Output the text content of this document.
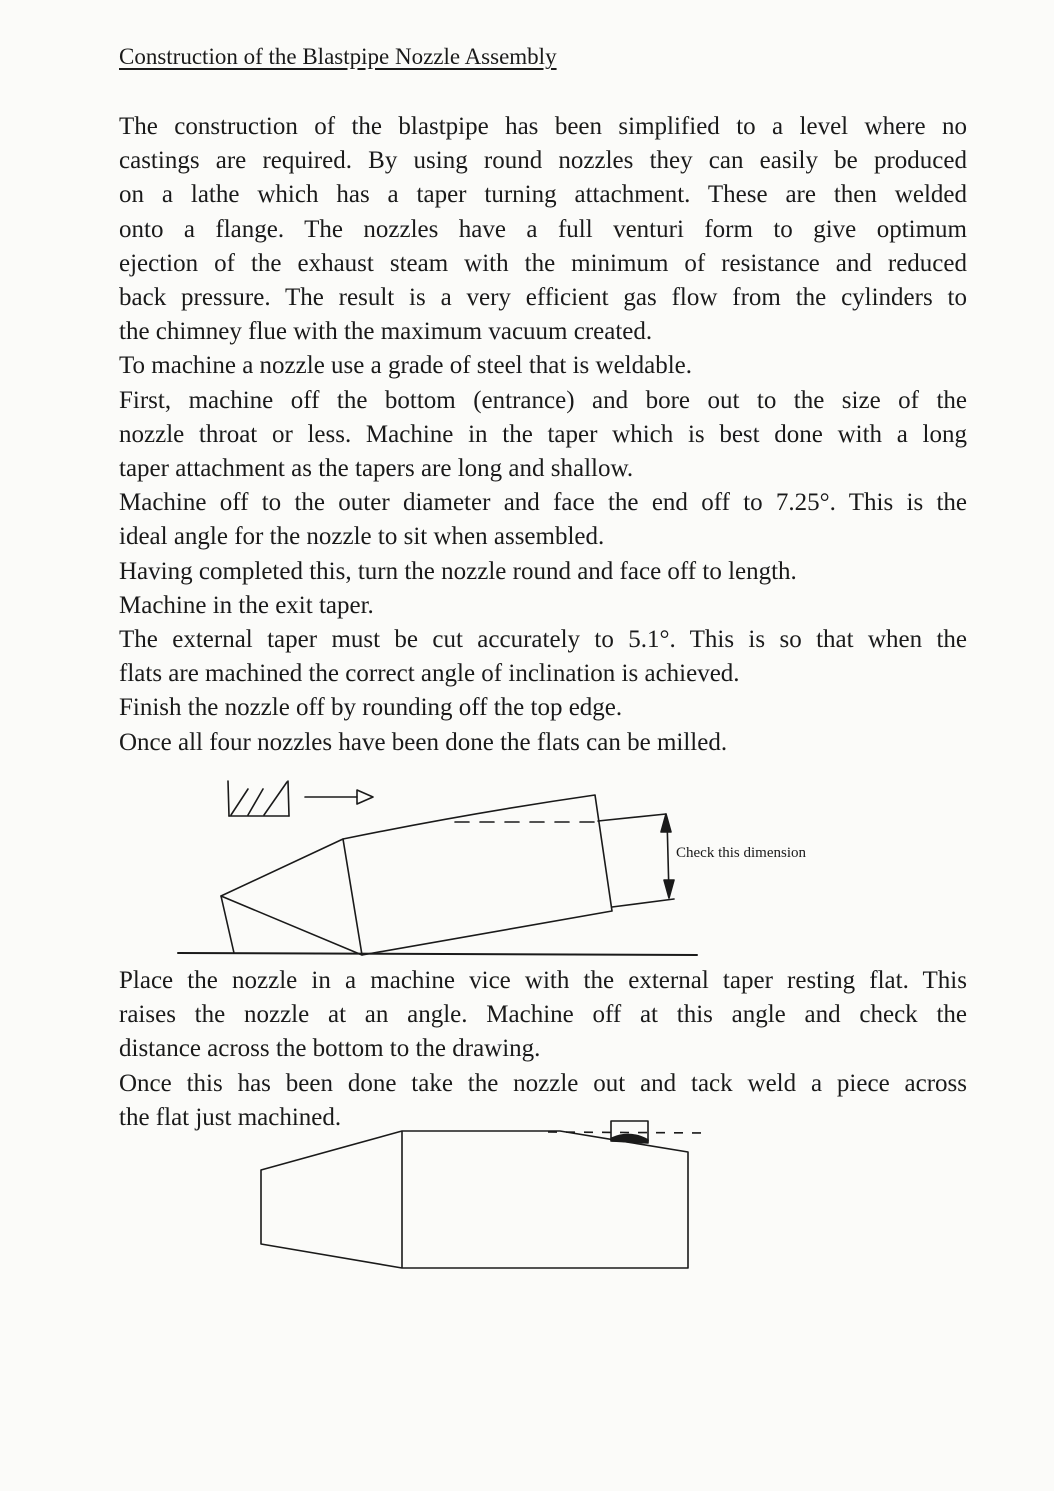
Construction of the Blastpipe Nozzle Assembly
The construction of the blastpipe has been simplified to a level where no
castings are required. By using round nozzles they can easily be produced
on a lathe which has a taper turning attachment. These are then welded
onto a flange. The nozzles have a full venturi form to give optimum
ejection of the exhaust steam with the minimum of resistance and reduced
back pressure. The result is a very efficient gas flow from the cylinders to
the chimney flue with the maximum vacuum created.
To machine a nozzle use a grade of steel that is weldable.
First, machine off the bottom (entrance) and bore out to the size of the
nozzle throat or less. Machine in the taper which is best done with a long
taper attachment as the tapers are long and shallow.
Machine off to the outer diameter and face the end off to 7.25°. This is the
ideal angle for the nozzle to sit when assembled.
Having completed this, turn the nozzle round and face off to length.
Machine in the exit taper.
The external taper must be cut accurately to 5.1°. This is so that when the
flats are machined the correct angle of inclination is achieved.
Finish the nozzle off by rounding off the top edge.
Once all four nozzles have been done the flats can be milled.
Check this dimension
Place the nozzle in a machine vice with the external taper resting flat. This
raises the nozzle at an angle. Machine off at this angle and check the
distance across the bottom to the drawing.
Once this has been done take the nozzle out and tack weld a piece across
the flat just machined.
